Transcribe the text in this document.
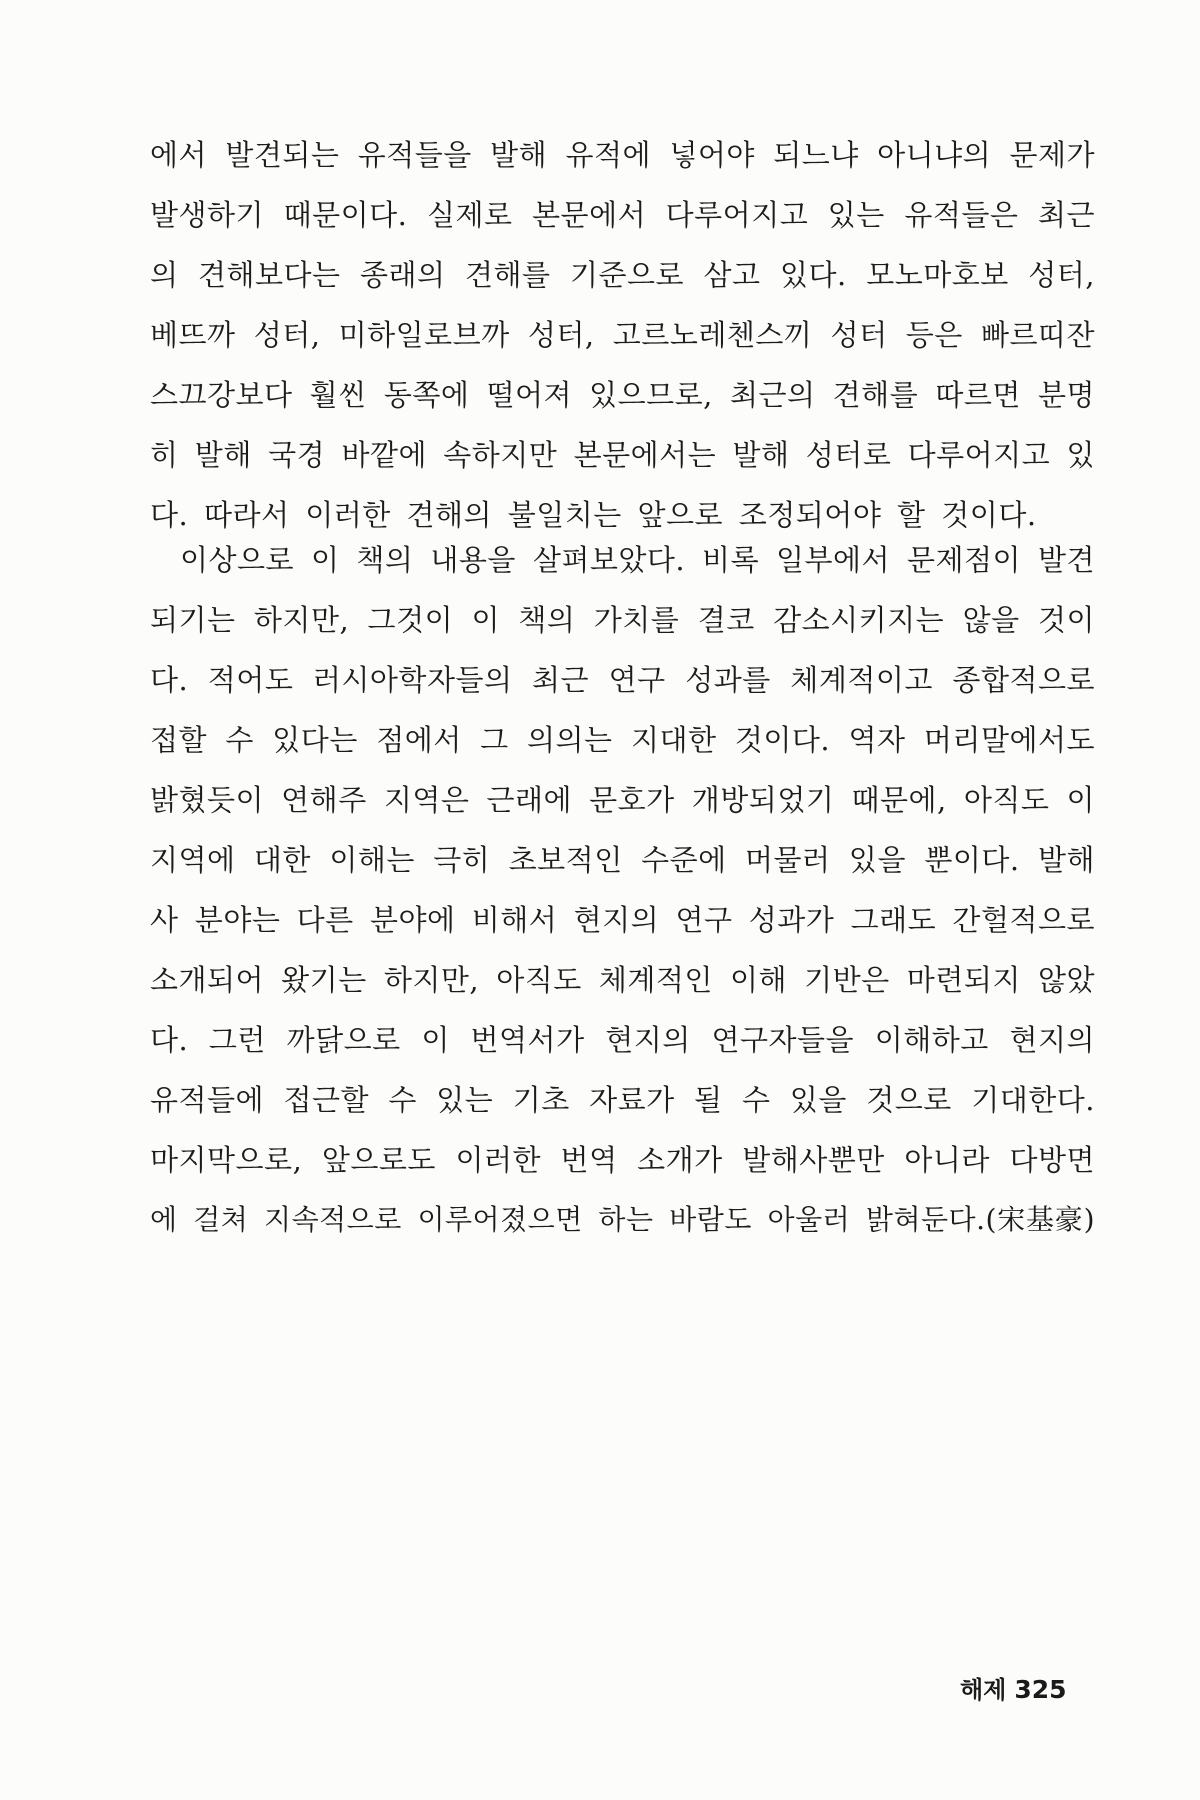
에서 발견되는 유적들을 발해 유적에 넣어야 되느냐 아니냐의 문제가
발생하기 때문이다. 실제로 본문에서 다루어지고 있는 유적들은 최근
의 견해보다는 종래의 견해를 기준으로 삼고 있다. 모노마호보 성터,
베뜨까 성터, 미하일로브까 성터, 고르노레첸스끼 성터 등은 빠르띠잔
스끄강보다 훨씬 동쪽에 떨어져 있으므로, 최근의 견해를 따르면 분명
히 발해 국경 바깥에 속하지만 본문에서는 발해 성터로 다루어지고 있
다. 따라서 이러한 견해의 불일치는 앞으로 조정되어야 할 것이다.
이상으로 이 책의 내용을 살펴보았다. 비록 일부에서 문제점이 발견
되기는 하지만, 그것이 이 책의 가치를 결코 감소시키지는 않을 것이
다. 적어도 러시아학자들의 최근 연구 성과를 체계적이고 종합적으로
접할 수 있다는 점에서 그 의의는 지대한 것이다. 역자 머리말에서도
밝혔듯이 연해주 지역은 근래에 문호가 개방되었기 때문에, 아직도 이
지역에 대한 이해는 극히 초보적인 수준에 머물러 있을 뿐이다. 발해
사 분야는 다른 분야에 비해서 현지의 연구 성과가 그래도 간헐적으로
소개되어 왔기는 하지만, 아직도 체계적인 이해 기반은 마련되지 않았
다. 그런 까닭으로 이 번역서가 현지의 연구자들을 이해하고 현지의
유적들에 접근할 수 있는 기초 자료가 될 수 있을 것으로 기대한다.
마지막으로, 앞으로도 이러한 번역 소개가 발해사뿐만 아니라 다방면
에 걸쳐 지속적으로 이루어졌으면 하는 바람도 아울러 밝혀둔다.(宋基豪)
해제 325
